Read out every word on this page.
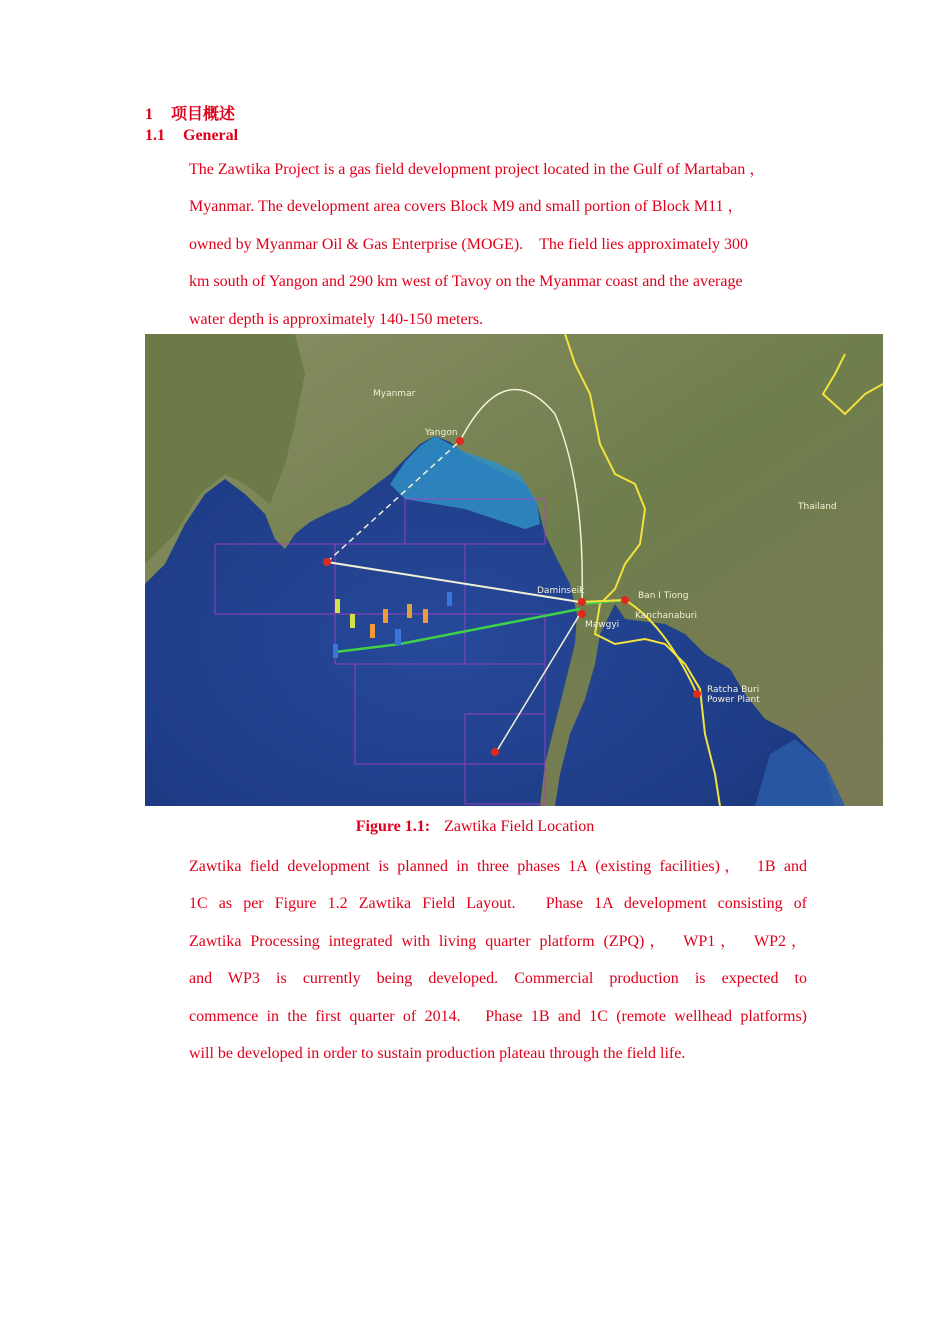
1 项目概述
1.1 General
The Zawtika Project is a gas field development project located in the Gulf of Martaban ，
Myanmar. The development area covers Block M9 and small portion of Block M11 ，
owned by Myanmar Oil & Gas Enterprise (MOGE).　The field lies approximately 300
km south of Yangon and 290 km west of Tavoy on the Myanmar coast and the average
water depth is approximately 140-150 meters.
Myanmar
Yangon
Thailand
Daminseik	Ban I Tiong
Kanchanaburi
Mawgyi
Ratcha Buri
Power Plant
Figure 1.1: Zawtika Field Location
Zawtika field development is planned in three phases 1A (existing facilities)，　1B and
1C as per Figure 1.2 Zawtika Field Layout.　Phase 1A development consisting of
Zawtika Processing integrated with living quarter platform (ZPQ)，　WP1，　WP2，
and WP3 is currently being developed. Commercial production is expected to
commence in the first quarter of 2014.　Phase 1B and 1C (remote wellhead platforms)
will be developed in order to sustain production plateau through the field life.
